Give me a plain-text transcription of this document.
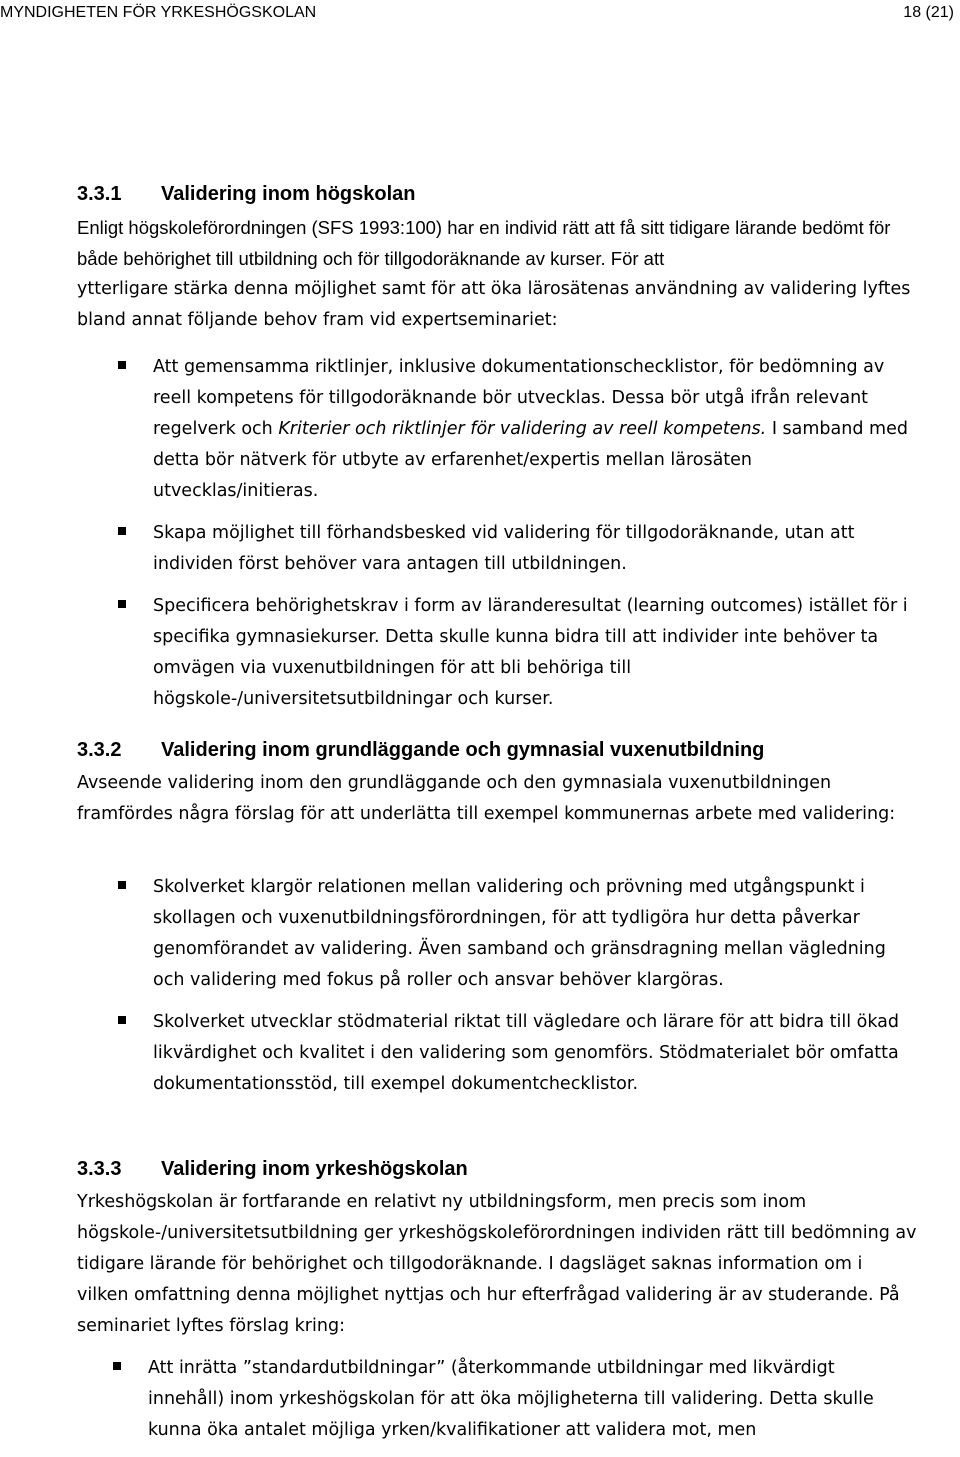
MYNDIGHETEN FÖR YRKESHÖGSKOLAN	18 (21)
3.3.1 Validering inom högskolan

Enligt högskoleförordningen (SFS 1993:100) har en individ rätt att få sitt tidigare lärande bedömt för både behörighet till utbildning och för tillgodoräknande av kurser. För att

ytterligare stärka denna möjlighet samt för att öka lärosätenas användning av validering lyftes bland annat följande behov fram vid expertseminariet:

Att gemensamma riktlinjer, inklusive dokumentationschecklistor, för bedömning av reell kompetens för tillgodoräknande bör utvecklas. Dessa bör utgå ifrån relevant regelverk och Kriterier och riktlinjer för validering av reell kompetens. I samband med detta bör nätverk för utbyte av erfarenhet/expertis mellan lärosäten utvecklas/initieras.

Skapa möjlighet till förhandsbesked vid validering för tillgodoräknande, utan att individen först behöver vara antagen till utbildningen.

Specificera behörighetskrav i form av läranderesultat (learning outcomes) istället för i specifika gymnasiekurser. Detta skulle kunna bidra till att individer inte behöver ta omvägen via vuxenutbildningen för att bli behöriga till högskole-/universitetsutbildningar och kurser.

3.3.2 Validering inom grundläggande och gymnasial vuxenutbildning

Avseende validering inom den grundläggande och den gymnasiala vuxenutbildningen framfördes några förslag för att underlätta till exempel kommunernas arbete med validering:

Skolverket klargör relationen mellan validering och prövning med utgångspunkt i skollagen och vuxenutbildningsförordningen, för att tydligöra hur detta påverkar genomförandet av validering. Även samband och gränsdragning mellan vägledning och validering med fokus på roller och ansvar behöver klargöras.

Skolverket utvecklar stödmaterial riktat till vägledare och lärare för att bidra till ökad likvärdighet och kvalitet i den validering som genomförs. Stödmaterialet bör omfatta dokumentationsstöd, till exempel dokumentchecklistor.

3.3.3 Validering inom yrkeshögskolan

Yrkeshögskolan är fortfarande en relativt ny utbildningsform, men precis som inom högskole-/universitetsutbildning ger yrkeshögskoleförordningen individen rätt till bedömning av tidigare lärande för behörighet och tillgodoräknande. I dagsläget saknas information om i vilken omfattning denna möjlighet nyttjas och hur efterfrågad validering är av studerande. På seminariet lyftes förslag kring:

Att inrätta ”standardutbildningar” (återkommande utbildningar med likvärdigt innehåll) inom yrkeshögskolan för att öka möjligheterna till validering. Detta skulle kunna öka antalet möjliga yrken/kvalifikationer att validera mot, men
